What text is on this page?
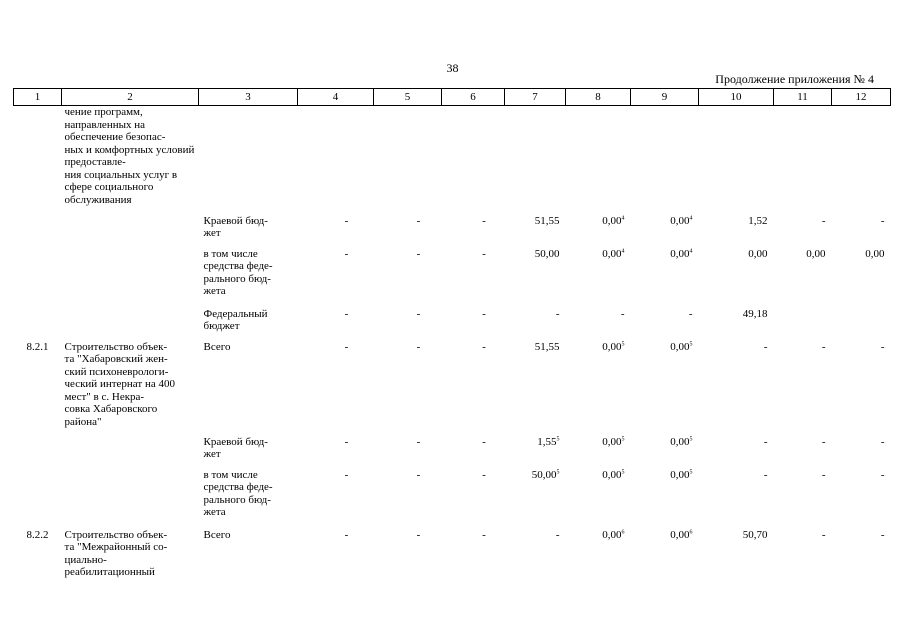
38
Продолжение приложения № 4
1	2	3	4	5	6	7	8	9	10	11	12
	чение программ, направленных на обеспечение безопас-
ных и комфортных условий предоставле-
ния социальных услуг в сфере социального обслуживания										
		Краевой бюд-
жет	-	-	-	51,55	0,00$^4$	0,00$^4$	1,52	-	-
		в том числе средства феде-
рального бюд-
жета	-	-	-	50,00	0,00$^4$	0,00$^4$	0,00	0,00	0,00
		Федеральный бюджет	-	-	-	-	-	-	49,18		
8.2.1	Строительство объек-
та "Хабаровский жен-
ский психоневрологи-
ческий интернат на 400 мест" в с. Некра-
совка Хабаровского района"	Всего	-	-	-	51,55	0,00$^5$	0,00$^5$	-	-	-
		Краевой бюд-
жет	-	-	-	1,55$^5$	0,00$^5$	0,00$^5$	-	-	-
		в том числе средства феде-
рального бюд-
жета	-	-	-	50,00$^5$	0,00$^5$	0,00$^5$	-	-	-
8.2.2	Строительство объек-
та "Межрайонный со-
циально-
реабилитационный	Всего	-	-	-	-	0,00$^6$	0,00$^6$	50,70	-	-
